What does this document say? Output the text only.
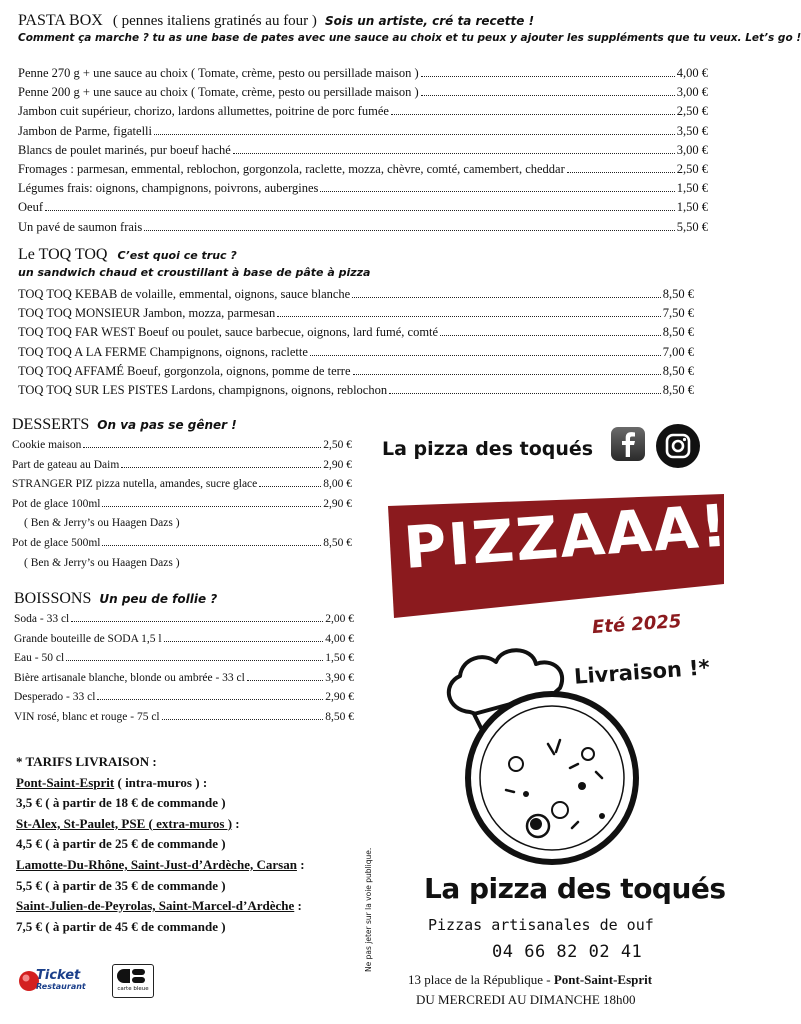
PASTA BOX ( pennes italiens gratinés au four ) Sois un artiste, cré ta recette !
Comment ça marche ? tu as une base de pates avec une sauce au choix et tu peux y ajouter les suppléments que tu veux. Let’s go !
Penne 270 g + une sauce au choix ( Tomate, crème, pesto ou persillade maison )	4,00 €
Penne 200 g + une sauce au choix ( Tomate, crème, pesto ou persillade maison )	3,00 €
Jambon cuit supérieur, chorizo, lardons allumettes, poitrine de porc fumée	2,50 €
Jambon de Parme, figatelli	3,50 €
Blancs de poulet marinés, pur boeuf haché	3,00 €
Fromages : parmesan, emmental, reblochon, gorgonzola, raclette, mozza, chèvre, comté, camembert, cheddar	2,50 €
Légumes frais: oignons, champignons, poivrons, aubergines	1,50 €
Oeuf	1,50 €
Un pavé de saumon frais	5,50 €
Le TOQ TOQ C’est quoi ce truc ?
un sandwich chaud et croustillant à base de pâte à pizza
TOQ TOQ KEBAB de volaille, emmental, oignons, sauce blanche	8,50 €
TOQ TOQ MONSIEUR Jambon, mozza, parmesan	7,50 €
TOQ TOQ FAR WEST Boeuf ou poulet, sauce barbecue, oignons, lard fumé, comté	8,50 €
TOQ TOQ A LA FERME Champignons, oignons, raclette	7,00 €
TOQ TOQ AFFAMÉ Boeuf, gorgonzola, oignons, pomme de terre	8,50 €
TOQ TOQ SUR LES PISTES Lardons, champignons, oignons, reblochon	8,50 €
DESSERTS On va pas se gêner !
Cookie maison	2,50 €
Part de gateau au Daim	2,90 €
STRANGER PIZ pizza nutella, amandes, sucre glace	8,00 €
Pot de glace 100ml	2,90 €
( Ben & Jerry’s ou Haagen Dazs )
Pot de glace 500ml	8,50 €
( Ben & Jerry’s ou Haagen Dazs )
BOISSONS Un peu de follie ?
Soda - 33 cl	2,00 €
Grande bouteille de SODA 1,5 l	4,00 €
Eau - 50 cl	1,50 €
Bière artisanale blanche, blonde ou ambrée - 33 cl	3,90 €
Desperado - 33 cl	2,90 €
VIN rosé, blanc et rouge - 75 cl	8,50 €
* TARIFS LIVRAISON :
Pont-Saint-Esprit ( intra-muros ) :
3,5 € ( à partir de 18 € de commande )
St-Alex, St-Paulet, PSE ( extra-muros ) :
4,5 € ( à partir de 25 € de commande )
Lamotte-Du-Rhône, Saint-Just-d’Ardèche, Carsan :
5,5 € ( à partir de 35 € de commande )
Saint-Julien-de-Peyrolas, Saint-Marcel-d’Ardèche :
7,5 € ( à partir de 45 € de commande )
Ticket
Restaurant	carte bleue
Ne pas jeter sur la voie publique.
La pizza des toqués
PIZZAAA!!!
Eté 2025
Livraison !*
La pizza des toqués
Pizzas artisanales de ouf
04 66 82 02 41
13 place de la République - Pont-Saint-Esprit
DU MERCREDI AU DIMANCHE 18h00
